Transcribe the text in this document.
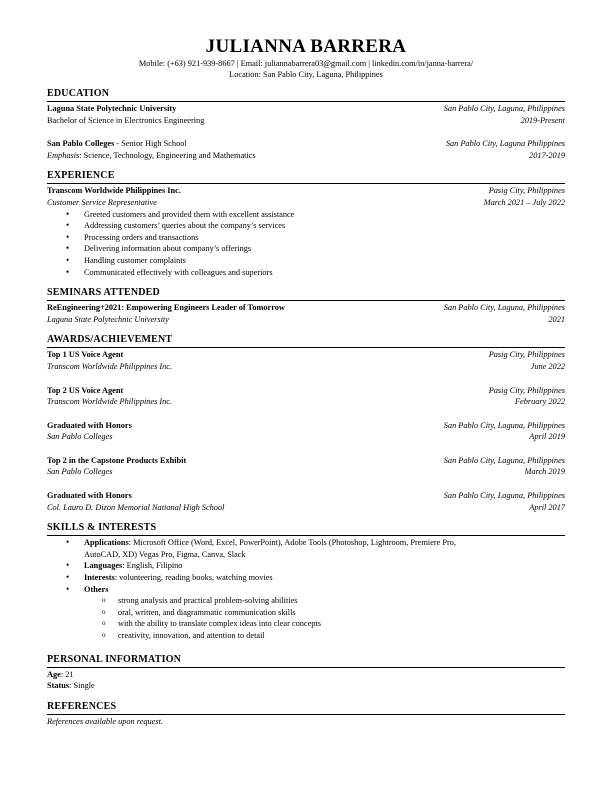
JULIANNA BARRERA
Mobile: (+63) 921-939-8667 | Email: juliannabarrera03@gmail.com | linkedin.com/in/janna-barrera/
Location: San Pablo City, Laguna, Philippines
EDUCATION
Laguna State Polytechnic University	San Pablo City, Laguna, Philippines
Bachelor of Science in Electronics Engineering	2019-Present
San Pablo Colleges - Senior High School	San Pablo City, Laguna Philippines
Emphasis: Science, Technology, Engineering and Mathematics	2017-2019
EXPERIENCE
Transcom Worldwide Philippines Inc.	Pasig City, Philippines
Customer Service Representative	March 2021 – July 2022
• Greeted customers and provided them with excellent assistance
• Addressing customers’ queries about the company’s services
• Processing orders and transactions
• Delivering information about company’s offerings
• Handling customer complaints
• Communicated effectively with colleagues and superiors
SEMINARS ATTENDED
ReEngineering+2021: Empowering Engineers Leader of Tomorrow	San Pablo City, Laguna, Philippines
Laguna State Polytechnic University	2021
AWARDS/ACHIEVEMENT
Top 1 US Voice Agent	Pasig City, Philippines
Transcom Worldwide Philippines Inc.	June 2022
Top 2 US Voice Agent	Pasig City, Philippines
Transcom Worldwide Philippines Inc.	February 2022
Graduated with Honors	San Pablo City, Laguna, Philippines
San Pablo Colleges	April 2019
Top 2 in the Capstone Products Exhibit	San Pablo City, Laguna, Philippines
San Pablo Colleges	March 2019
Graduated with Honors	San Pablo City, Laguna, Philippines
Col. Lauro D. Dizon Memorial National High School	April 2017
SKILLS & INTERESTS
• Applications: Microsoft Office (Word, Excel, PowerPoint), Adobe Tools (Photoshop, Lightroom, Premiere Pro,
AutoCAD, XD) Vegas Pro, Figma, Canva, Slack
• Languages: English, Filipino
• Interests: volunteering, reading books, watching movies
• Others
o strong analysis and practical problem-solving abilities
o oral, written, and diagrammatic communication skills
o with the ability to translate complex ideas into clear concepts
o creativity, innovation, and attention to detail
PERSONAL INFORMATION
Age: 21
Status: Single
REFERENCES
References available upon request.
